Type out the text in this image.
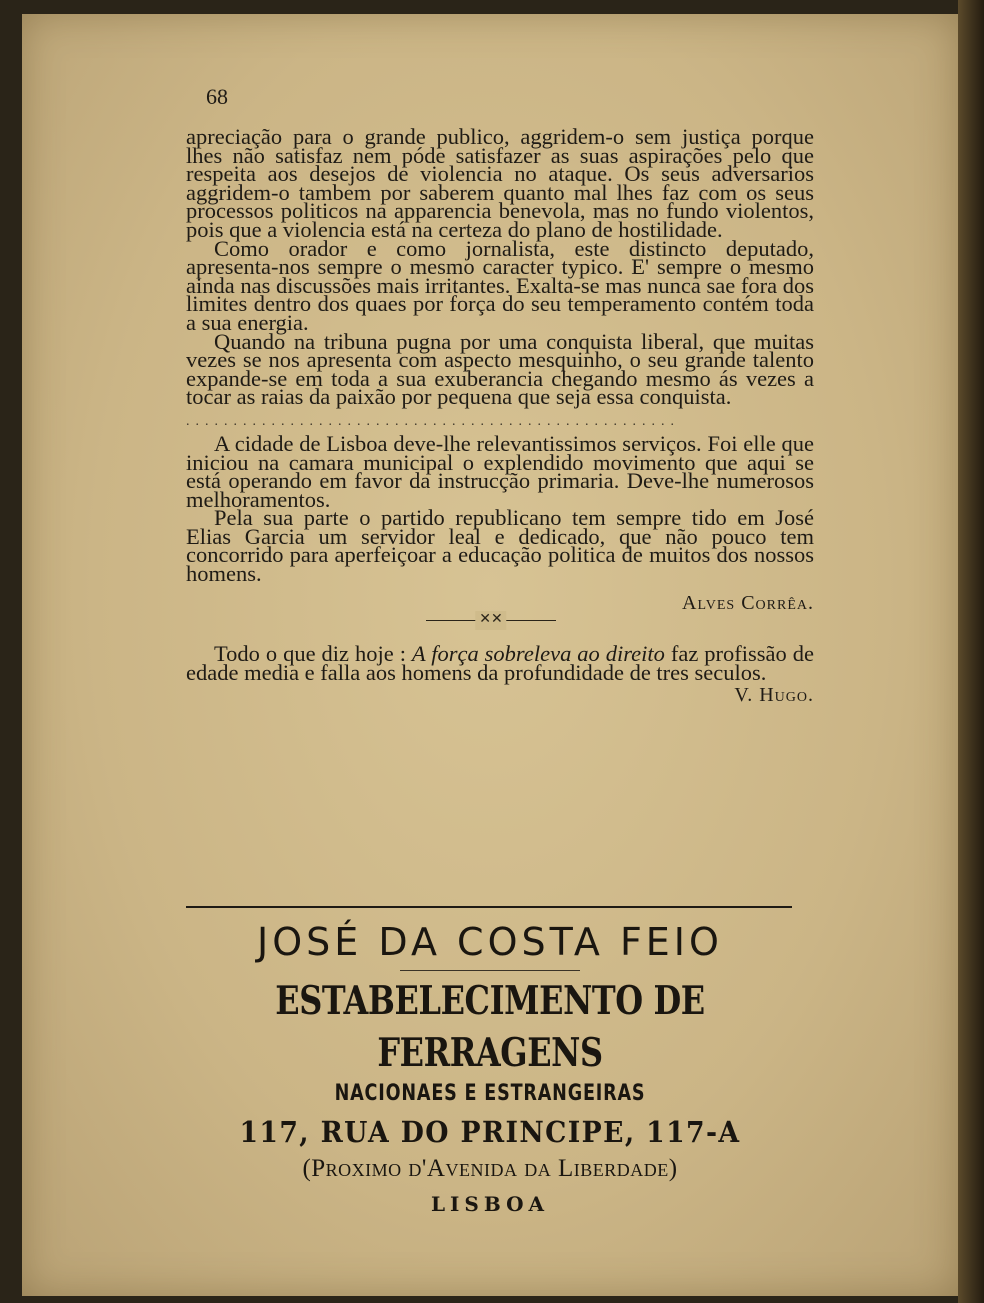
68

apreciação para o grande publico, aggridem-o sem justiça porque lhes não satisfaz nem póde satisfazer as suas aspirações pelo que respeita aos desejos de violencia no ataque. Os seus adversarios aggridem-o tambem por saberem quanto mal lhes faz com os seus processos politicos na apparencia benevola, mas no fundo violentos, pois que a violencia está na certeza do plano de hostilidade.

Como orador e como jornalista, este distincto deputado, apresenta-nos sempre o mesmo caracter typico. E' sempre o mesmo ainda nas discussões mais irritantes. Exalta-se mas nunca sae fora dos limites dentro dos quaes por força do seu temperamento contém toda a sua energia.

Quando na tribuna pugna por uma conquista liberal, que muitas vezes se nos apresenta com aspecto mesquinho, o seu grande talento expande-se em toda a sua exuberancia chegando mesmo ás vezes a tocar as raias da paixão por pequena que seja essa conquista.

....................................................

A cidade de Lisboa deve-lhe relevantissimos serviços. Foi elle que iniciou na camara municipal o explendido movimento que aqui se está operando em favor da instrucção primaria. Deve-lhe numerosos melhoramentos.

Pela sua parte o partido republicano tem sempre tido em José Elias Garcia um servidor leal e dedicado, que não pouco tem concorrido para aperfeiçoar a educação politica de muitos dos nossos homens.

Alves Corrêa.
✕✕

Todo o que diz hoje : A força sobreleva ao direito faz profissão de edade media e falla aos homens da profundidade de tres seculos.

V. Hugo.
JOSÉ DA COSTA FEIO
ESTABELECIMENTO DE FERRAGENS
NACIONAES E ESTRANGEIRAS
117, RUA DO PRINCIPE, 117-A
(Proximo d'Avenida da Liberdade)
LISBOA
